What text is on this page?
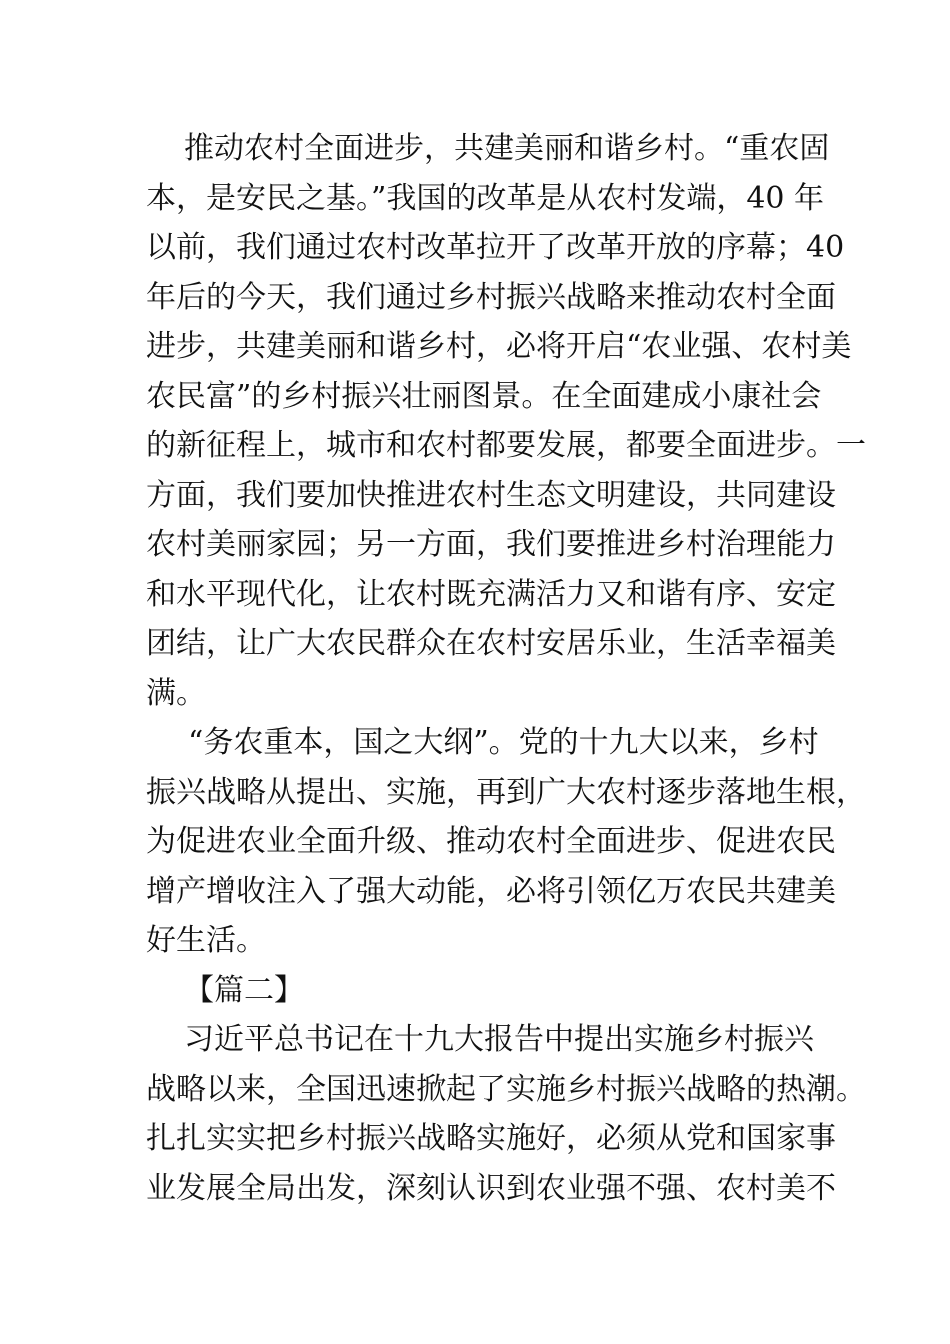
推动农村全面进步，共建美丽和谐乡村。“重农固
本，是安民之基。”我国的改革是从农村发端，40 年
以前，我们通过农村改革拉开了改革开放的序幕；40
年后的今天，我们通过乡村振兴战略来推动农村全面
进步，共建美丽和谐乡村，必将开启“农业强、农村美
农民富”的乡村振兴壮丽图景。在全面建成小康社会
的新征程上，城市和农村都要发展，都要全面进步。一
方面，我们要加快推进农村生态文明建设，共同建设
农村美丽家园；另一方面，我们要推进乡村治理能力
和水平现代化，让农村既充满活力又和谐有序、安定
团结，让广大农民群众在农村安居乐业，生活幸福美
满。
“务农重本，国之大纲”。党的十九大以来，乡村
振兴战略从提出、实施，再到广大农村逐步落地生根，
为促进农业全面升级、推动农村全面进步、促进农民
增产增收注入了强大动能，必将引领亿万农民共建美
好生活。
【篇二】
习近平总书记在十九大报告中提出实施乡村振兴
战略以来，全国迅速掀起了实施乡村振兴战略的热潮。
扎扎实实把乡村振兴战略实施好，必须从党和国家事
业发展全局出发，深刻认识到农业强不强、农村美不
